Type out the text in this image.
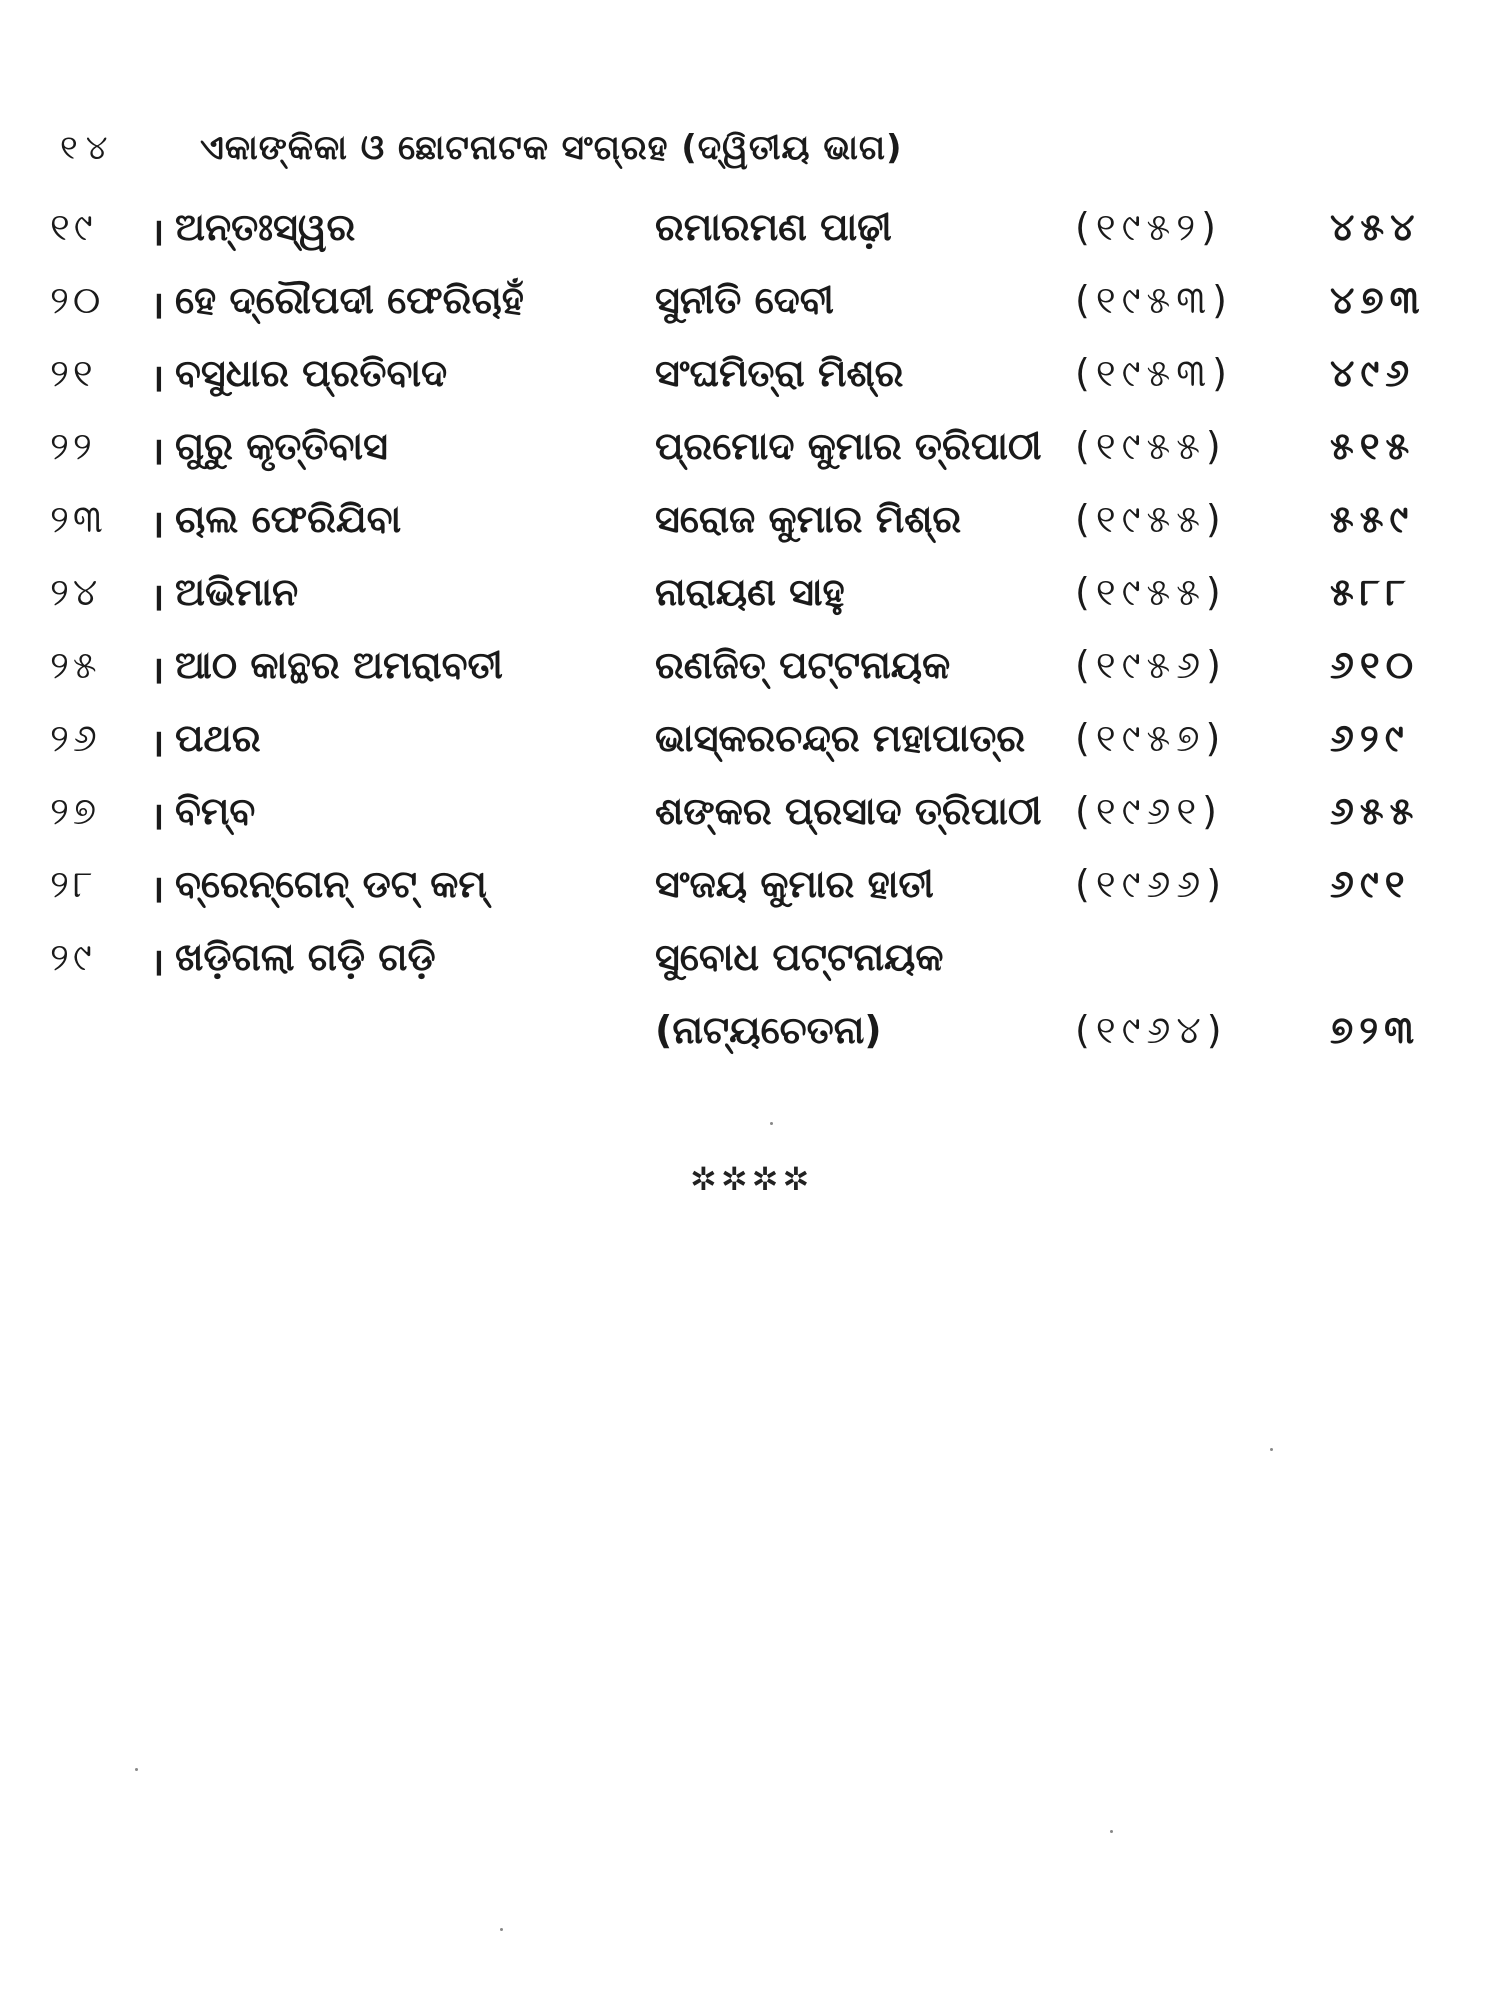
୧୪ ଏକାଙ୍କିକା ଓ ଛୋଟନାଟକ ସଂଗ୍ରହ (ଦ୍ୱିତୀୟ ଭାଗ)
୧୯	। ଅନ୍ତଃସ୍ୱର	ରମାରମଣ ପାଢ଼ୀ	(୧୯୫୨)	୪୫୪
୨୦	। ହେ ଦ୍ରୌପଦୀ ଫେରିଚାହଁ	ସୁନୀତି ଦେବୀ	(୧୯୫୩)	୪୭୩
୨୧	। ବସୁଧାର ପ୍ରତିବାଦ	ସଂଘମିତ୍ରା ମିଶ୍ର	(୧୯୫୩)	୪୯୬
୨୨	। ଗୁରୁ କୃତ୍ତିବାସ	ପ୍ରମୋଦ କୁମାର ତ୍ରିପାଠୀ (୧୯୫୫)	୫୧୫
୨୩	। ଚାଲ ଫେରିଯିବା	ସରୋଜ କୁମାର ମିଶ୍ର	(୧୯୫୫)	୫୫୯
୨୪	। ଅଭିମାନ	ନାରାୟଣ ସାହୁ	(୧୯୫୫)	୫୮୮
୨୫	। ଆଠ କାନ୍ଥର ଅମରାବତୀ	ରଣଜିତ୍ ପଟ୍ଟନାୟକ	(୧୯୫୬)	୬୧୦
୨୬	। ପଥର	ଭାସ୍କରଚନ୍ଦ୍ର ମହାପାତ୍ର (୧୯୫୭)	୬୨୯
୨୭	। ବିମ୍ବ	ଶଙ୍କର ପ୍ରସାଦ ତ୍ରିପାଠୀ (୧୯୬୧)	୬୫୫
୨୮	। ବ୍ରେନ୍‌ଗେନ୍ ଡଟ୍ କମ୍	ସଂଜୟ କୁମାର ହାତୀ	(୧୯୬୬)	୬୯୧
୨୯	। ଖଡ଼ିଗଲା ଗଡ଼ି ଗଡ଼ି	ସୁବୋଧ ପଟ୍ଟନାୟକ
(ନାଟ୍ୟଚେତନା)	(୧୯୬୪)	୭୨୩
✲✲✲✲
